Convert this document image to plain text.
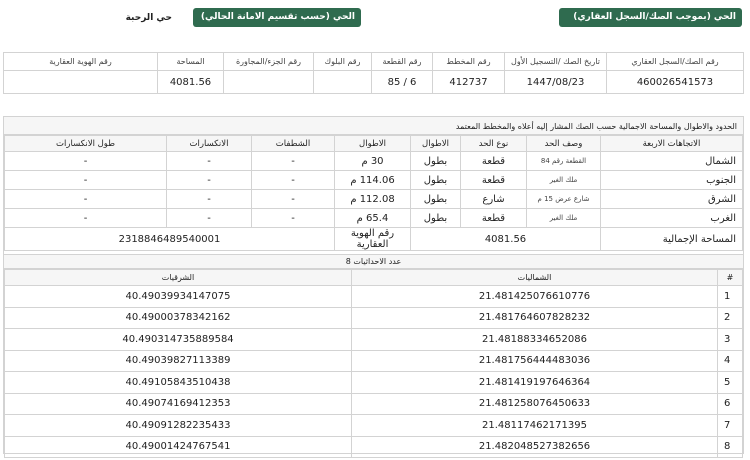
الحي (بموجب الصك/السجل العقاري)
الحي (حسب تقسيم الامانة الحالي)
حي الرحبة
رقم الصك/السجل العقاري	تاريخ الصك /التسجيل الأول	رقم المخطط	رقم القطعة	رقم البلوك	رقم الجزء/المجاورة	المساحة	رقم الهوية العقارية
460026541573	1447/08/23	412737	6 / 85			4081.56	
الحدود والاطوال والمساحة الاجمالية حسب الصك المشار إليه أعلاه والمخطط المعتمد
الاتجاهات الاربعة	وصف الحد	نوع الحد	الاطوال	الاطوال	الشطفات	الانكسارات	طول الانكسارات
الشمال	القطعة رقم 84	قطعة	بطول	30 م	-	-	-
الجنوب	ملك الغير	قطعة	بطول	114.06 م	-	-	-
الشرق	شارع عرض 15 م	شارع	بطول	112.08 م	-	-	-
الغرب	ملك الغير	قطعة	بطول	65.4 م	-	-	-
المساحة الإجمالية	4081.56			رقم الهوية العقارية	2318846489540001		
عدد الاحداثيات 8
الشرقيات	الشماليات	#
40.49039934147075	21.481425076610776	1
40.49000378342162	21.481764607828232	2
40.490314735889584	21.48188334652086	3
40.49039827113389	21.481756444483036	4
40.49105843510438	21.481419197646364	5
40.49074169412353	21.481258076450633	6
40.49091282235433	21.48117462171395	7
40.49001424767541	21.482048527382656	8
